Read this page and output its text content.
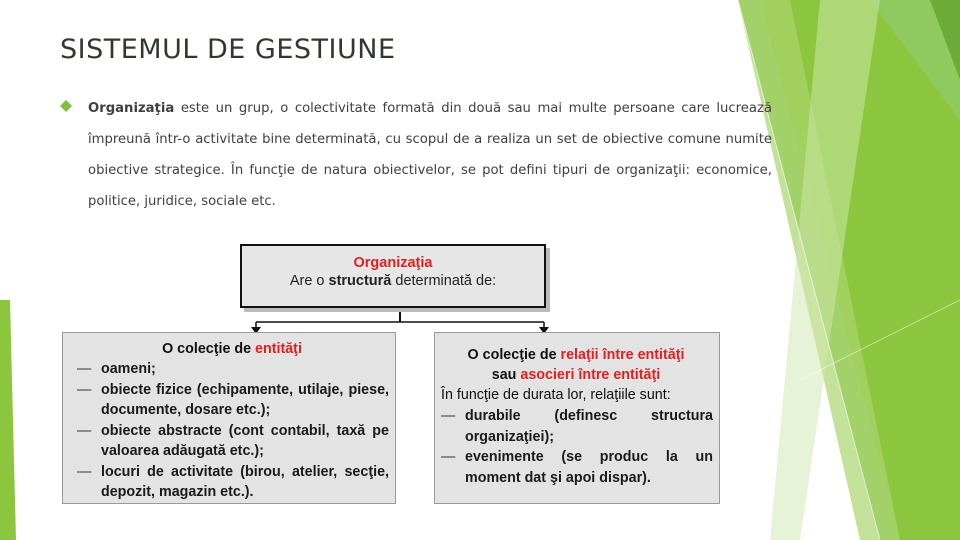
SISTEMUL DE GESTIUNE
Organizaţia este un grup, o colectivitate formată din două sau mai multe persoane care lucrează împreună într-o activitate bine determinată, cu scopul de a realiza un set de obiective comune numite obiective strategice. În funcţie de natura obiectivelor, se pot defini tipuri de organizaţii: economice, politice, juridice, sociale etc.
Organizaţia
Are o structură determinată de:
O colecţie de entităţi
— oameni;
— obiecte fizice (echipamente, utilaje, piese, documente, dosare etc.);
— obiecte abstracte (cont contabil, taxă pe valoarea adăugată etc.);
— locuri de activitate (birou, atelier, secţie, depozit, magazin etc.).
O colecţie de relaţii între entităţi
sau asocieri între entităţi
În funcţie de durata lor, relaţiile sunt:
— durabile (definesc structura organizaţiei);
— evenimente (se produc la un moment dat şi apoi dispar).
